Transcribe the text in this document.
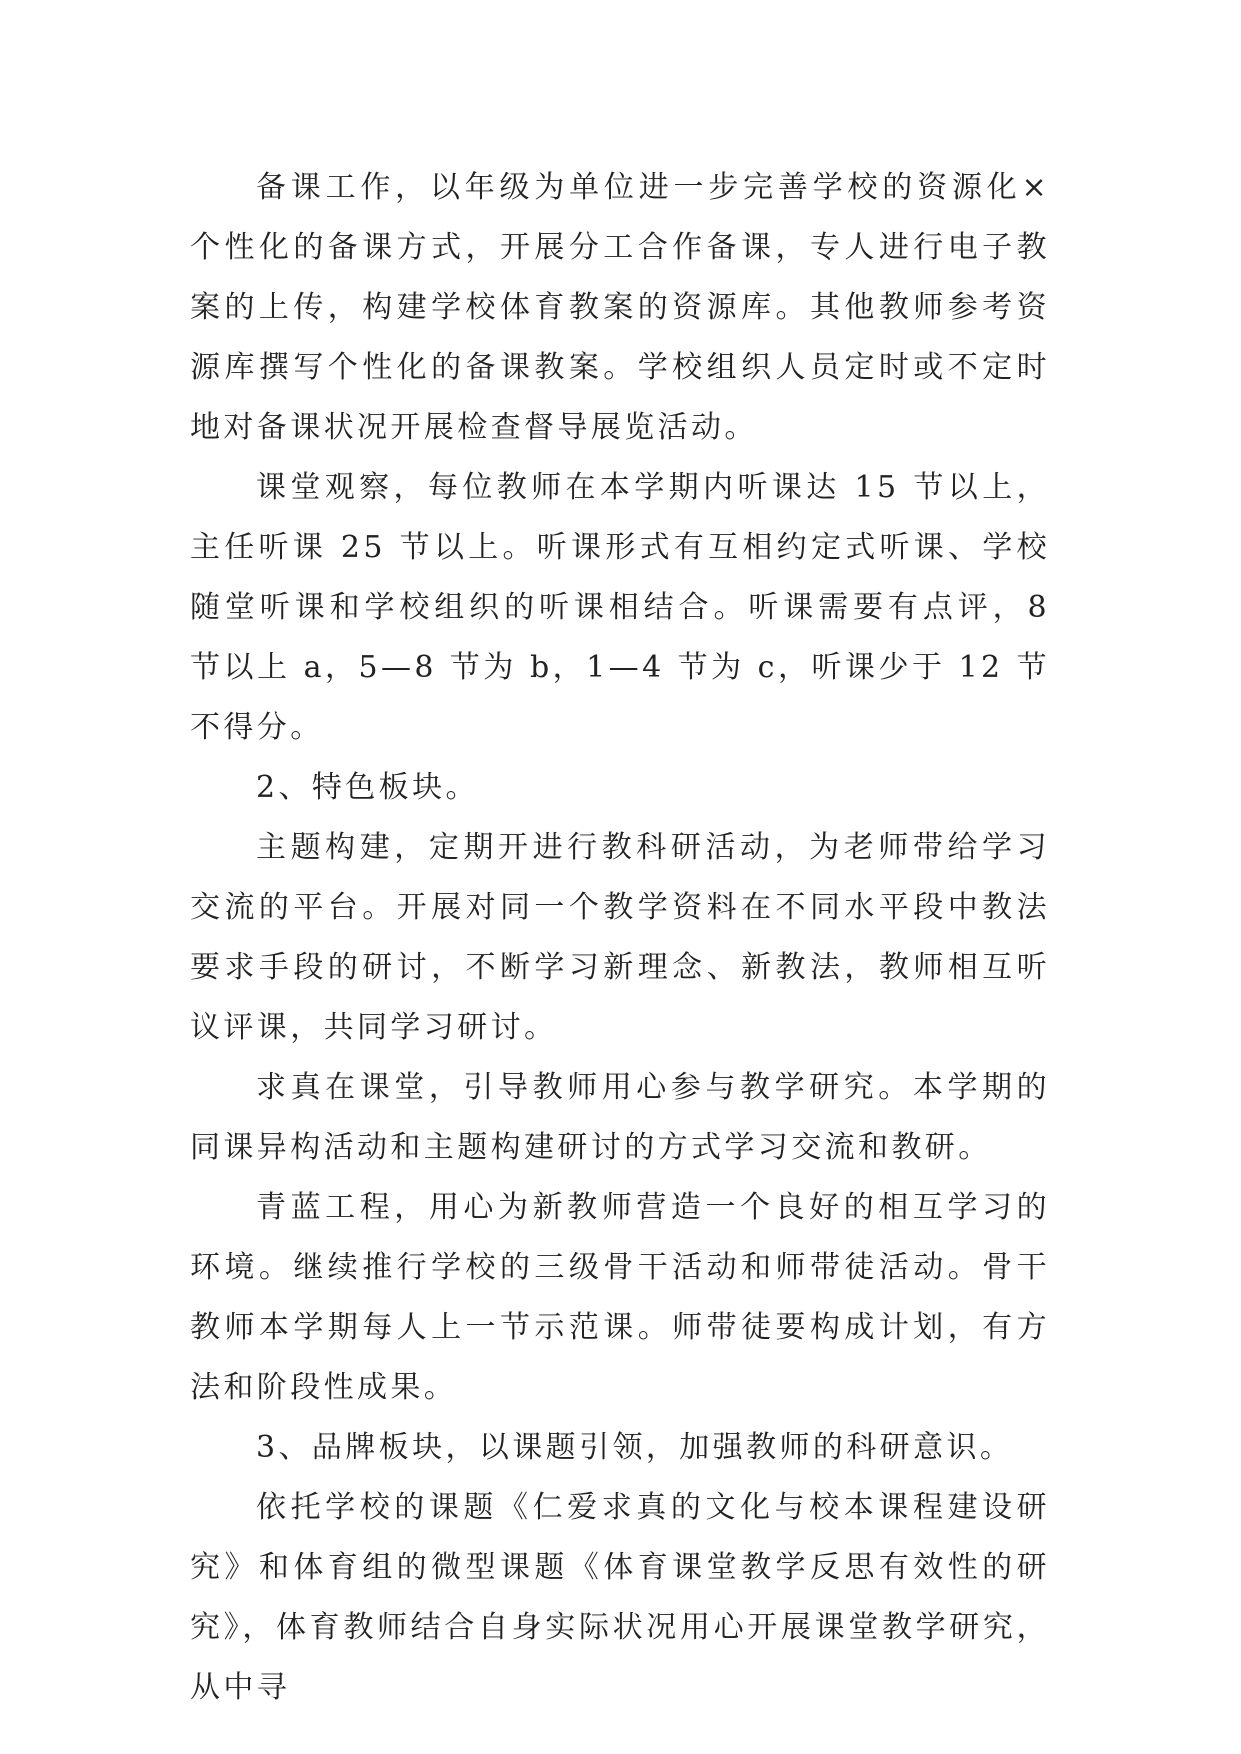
备课工作，以年级为单位进一步完善学校的资源化×个性化的备课方式，开展分工合作备课，专人进行电子教案的上传，构建学校体育教案的资源库。其他教师参考资源库撰写个性化的备课教案。学校组织人员定时或不定时地对备课状况开展检查督导展览活动。

课堂观察，每位教师在本学期内听课达 15 节以上，主任听课 25 节以上。听课形式有互相约定式听课、学校随堂听课和学校组织的听课相结合。听课需要有点评，8 节以上 a，5—8 节为 b，1—4 节为 c，听课少于 12 节不得分。

2、特色板块。

主题构建，定期开进行教科研活动，为老师带给学习交流的平台。开展对同一个教学资料在不同水平段中教法要求手段的研讨，不断学习新理念、新教法，教师相互听议评课，共同学习研讨。

求真在课堂，引导教师用心参与教学研究。本学期的同课异构活动和主题构建研讨的方式学习交流和教研。

青蓝工程，用心为新教师营造一个良好的相互学习的环境。继续推行学校的三级骨干活动和师带徒活动。骨干教师本学期每人上一节示范课。师带徒要构成计划，有方法和阶段性成果。

3、品牌板块，以课题引领，加强教师的科研意识。

依托学校的课题《仁爱求真的文化与校本课程建设研究》和体育组的微型课题《体育课堂教学反思有效性的研究》，体育教师结合自身实际状况用心开展课堂教学研究，从中寻
